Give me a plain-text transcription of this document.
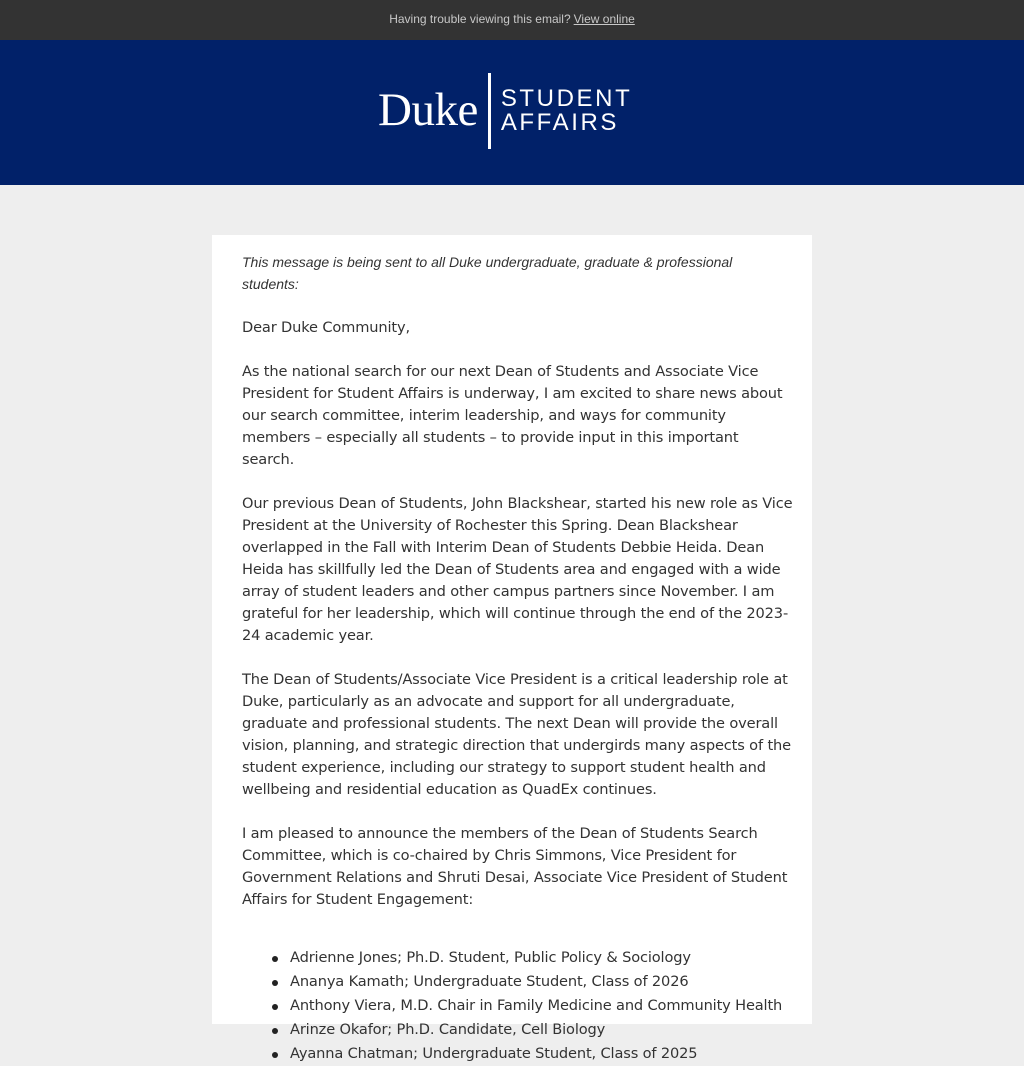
Having trouble viewing this email? View online
Duke STUDENT
AFFAIRS

This message is being sent to all Duke undergraduate, graduate & professional students:

Dear Duke Community,

As the national search for our next Dean of Students and Associate Vice President for Student Affairs is underway, I am excited to share news about our search committee, interim leadership, and ways for community members – especially all students – to provide input in this important search.

Our previous Dean of Students, John Blackshear, started his new role as Vice President at the University of Rochester this Spring. Dean Blackshear overlapped in the Fall with Interim Dean of Students Debbie Heida. Dean Heida has skillfully led the Dean of Students area and engaged with a wide array of student leaders and other campus partners since November. I am grateful for her leadership, which will continue through the end of the 2023-24 academic year.

The Dean of Students/Associate Vice President is a critical leadership role at Duke, particularly as an advocate and support for all undergraduate, graduate and professional students. The next Dean will provide the overall vision, planning, and strategic direction that undergirds many aspects of the student experience, including our strategy to support student health and wellbeing and residential education as QuadEx continues.

I am pleased to announce the members of the Dean of Students Search Committee, which is co-chaired by Chris Simmons, Vice President for Government Relations and Shruti Desai, Associate Vice President of Student Affairs for Student Engagement:

Adrienne Jones; Ph.D. Student, Public Policy & Sociology
Ananya Kamath; Undergraduate Student, Class of 2026
Anthony Viera, M.D. Chair in Family Medicine and Community Health
Arinze Okafor; Ph.D. Candidate, Cell Biology
Ayanna Chatman; Undergraduate Student, Class of 2025
